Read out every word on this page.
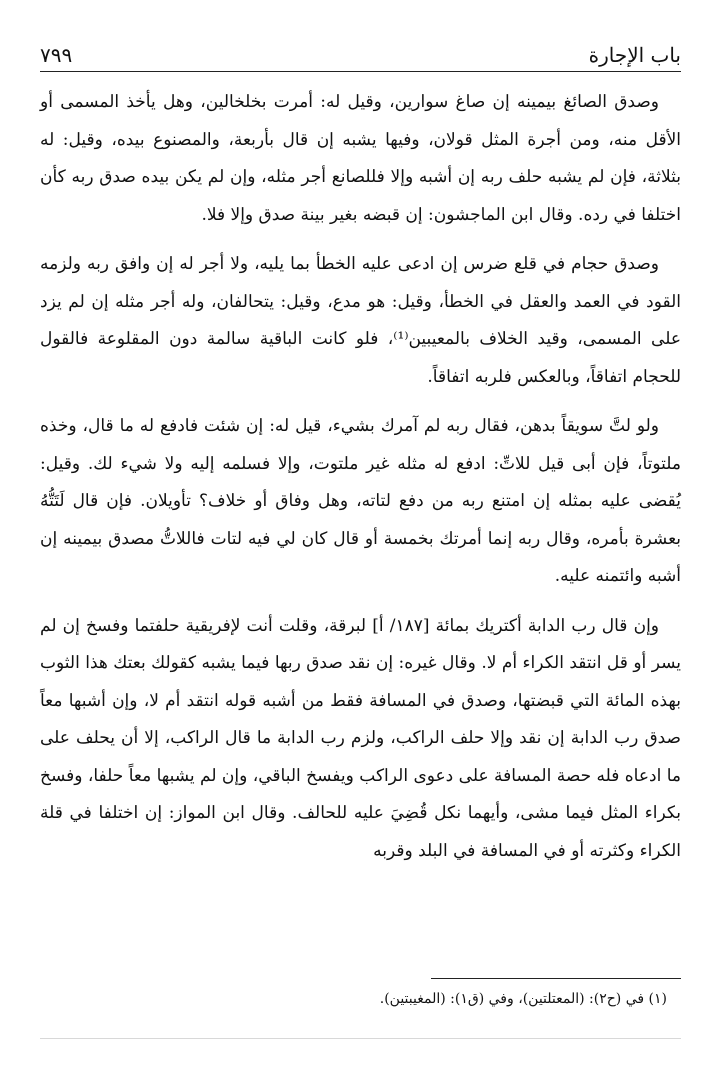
باب الإجارة
٧٩٩

وصدق الصائغ بيمينه إن صاغ سوارين، وقيل له: أمرت بخلخالين، وهل يأخذ المسمى أو الأقل منه، ومن أجرة المثل قولان، وفيها يشبه إن قال بأربعة، والمصنوع بيده، وقيل: له بثلاثة، فإن لم يشبه حلف ربه إن أشبه وإلا فللصانع أجر مثله، وإن لم يكن بيده صدق ربه كأن اختلفا في رده. وقال ابن الماجشون: إن قبضه بغير بينة صدق وإلا فلا.

وصدق حجام في قلع ضرس إن ادعى عليه الخطأ بما يليه، ولا أجر له إن وافق ربه ولزمه القود في العمد والعقل في الخطأ، وقيل: هو مدع، وقيل: يتحالفان، وله أجر مثله إن لم يزد على المسمى، وقيد الخلاف بالمعيبين⁽¹⁾، فلو كانت الباقية سالمة دون المقلوعة فالقول للحجام اتفاقاً، وبالعكس فلربه اتفاقاً.

ولو لتَّ سويقاً بدهن، فقال ربه لم آمرك بشيء، قيل له: إن شئت فادفع له ما قال، وخذه ملتوتاً، فإن أبى قيل للاتِّ: ادفع له مثله غير ملتوت، وإلا فسلمه إليه ولا شيء لك. وقيل: يُقضى عليه بمثله إن امتنع ربه من دفع لتاته، وهل وفاق أو خلاف؟ تأويلان. فإن قال لَتَتُّهُ بعشرة بأمره، وقال ربه إنما أمرتك بخمسة أو قال كان لي فيه لتات فاللاتُّ مصدق بيمينه إن أشبه وائتمنه عليه.

وإن قال رب الدابة أكتريك بمائة [١٨٧/ أ] لبرقة، وقلت أنت لإفريقية حلفتما وفسخ إن لم يسر أو قل انتقد الكراء أم لا. وقال غيره: إن نقد صدق ربها فيما يشبه كقولك بعتك هذا الثوب بهذه المائة التي قبضتها، وصدق في المسافة فقط من أشبه قوله انتقد أم لا، وإن أشبها معاً صدق رب الدابة إن نقد وإلا حلف الراكب، ولزم رب الدابة ما قال الراكب، إلا أن يحلف على ما ادعاه فله حصة المسافة على دعوى الراكب ويفسخ الباقي، وإن لم يشبها معاً حلفا، وفسخ بكراء المثل فيما مشى، وأيهما نكل قُضِيَ عليه للحالف. وقال ابن المواز: إن اختلفا في قلة الكراء وكثرته أو في المسافة في البلد وقربه

(١) في (ح٢): (المعتلتين)، وفي (ق١): (المغيبتين).
